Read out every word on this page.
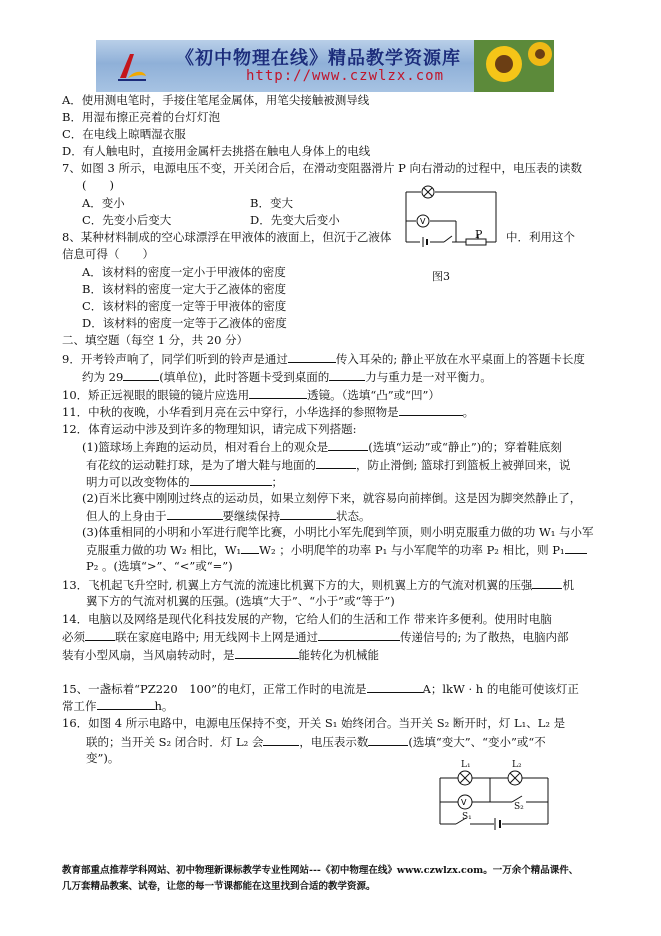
《初中物理在线》精品教学资源库
http://www.czwlzx.com
A．使用测电笔时，手接住笔尾金属体，用笔尖接触被测导线
B．用湿布擦正亮着的台灯灯泡
C．在电线上晾晒湿衣服
D．有人触电时，直接用金属杆去挑搭在触电人身体上的电线
7、如图 3 所示，电源电压不变，开关闭合后，在滑动变阻器滑片 P 向右滑动的过程中，电压表的读数
(　　)
A．变小	B．变大
C．先变小后变大	D．先变大后变小	V
P
图3
8、某种材料制成的空心球漂浮在甲液体的液面上，但沉于乙液体	中．利用这个
信息可得（　　）
A．该材料的密度一定小于甲液体的密度
B．该材料的密度一定大于乙液体的密度
C．该材料的密度一定等于甲液体的密度
D．该材料的密度一定等于乙液体的密度
二、填空题（每空 1 分，共 20 分）
9．开考铃声响了，同学们听到的铃声是通过	传入耳朵的; 静止平放在水平桌面上的答题卡长度
约为 29	(填单位)，此时答题卡受到桌面的	力与重力是一对平衡力。
10．矫正远视眼的眼镜的镜片应选用	透镜。（选填“凸”或“凹”）
11．中秋的夜晚，小华看到月亮在云中穿行，小华选择的参照物是	。
12．体育运动中涉及到许多的物理知识，请完成下列搭题:
(1)篮球场上奔跑的运动员，相对看台上的观众是	(选填“运动”或“静止”)的；穿着鞋底刻
有花纹的运动鞋打球，是为了增大鞋与地面的	，防止滑倒; 篮球打到篮板上被弹回来，说
明力可以改变物体的	；
(2)百米比赛中刚刚过终点的运动员，如果立刻停下来，就容易向前摔倒。这是因为脚突然静止了，
但人的上身由于	要继续保持	状态。
(3)体重相同的小明和小军进行爬竿比赛，小明比小军先爬到竿顶，则小明克服重力做的功 W₁ 与小军
克服重力做的功 W₂ 相比，W₁ W₂ ；小明爬竿的功率 P₁ 与小军爬竿的功率 P₂ 相比，则 P₁
P₂ 。(选填“>”、“<”或“=”)
13．飞机起飞升空时, 机翼上方气流的流速比机翼下方的大，则机翼上方的气流对机翼的压强	机
翼下方的气流对机翼的压强。(选填“大于”、“小于”或“等于”)
14．电脑以及网络是现代化科技发展的产物，它给人们的生活和工作 带来许多便利。使用时电脑
必须	联在家庭电路中; 用无线网卡上网是通过	传递信号的; 为了散热，电脑内部
装有小型风扇，当风扇转动时，是	能转化为机械能
15、一盏标着“PZ220　100”的电灯，正常工作时的电流是	A；lkW · h 的电能可使该灯正
常工作	h。
16．如图 4 所示电路中，电源电压保持不变，开关 S₁ 始终闭合。当开关 S₂ 断开时，灯 L₁、L₂ 是
联的；当开关 S₂ 闭合时．灯 L₂ 会	，电压表示数	(选填“变大”、“变小”或“不
变”)。
V
L₁	L₂
S₂
S₁
教育部重点推荐学科网站、初中物理新课标教学专业性网站---《初中物理在线》www.czwlzx.com。一万余个精品课件、
几万套精品教案、试卷，让您的每一节课都能在这里找到合适的教学资源。
